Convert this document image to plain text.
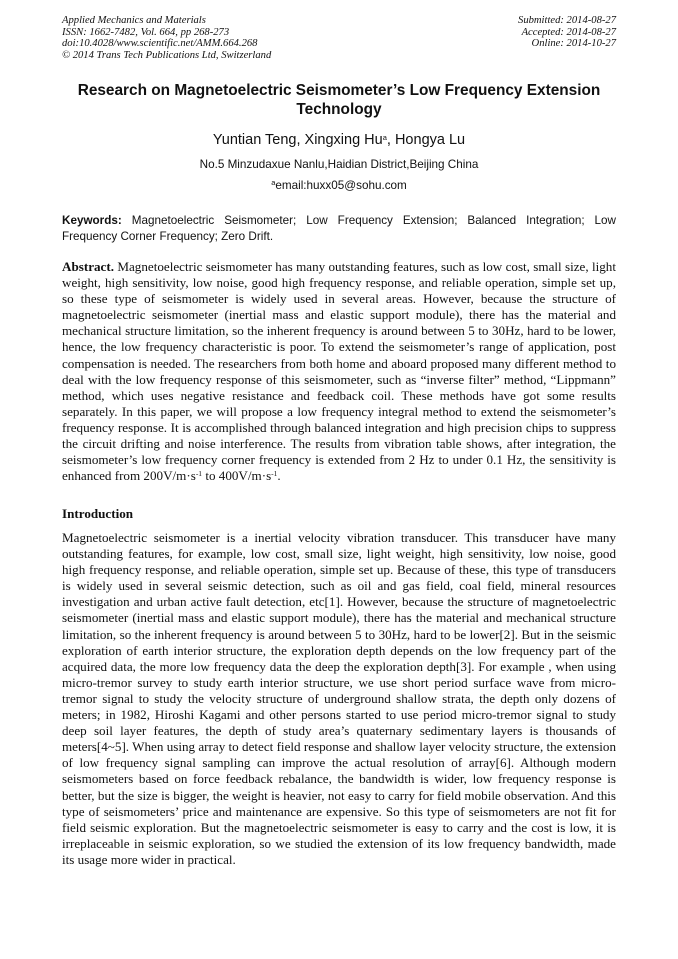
Applied Mechanics and Materials
ISSN: 1662-7482, Vol. 664, pp 268-273
doi:10.4028/www.scientific.net/AMM.664.268
© 2014 Trans Tech Publications Ltd, Switzerland
Submitted: 2014-08-27
Accepted: 2014-08-27
Online: 2014-10-27
Research on Magnetoelectric Seismometer’s Low Frequency Extension Technology
Yuntian Teng, Xingxing Hu$^a$, Hongya Lu
No.5 Minzudaxue Nanlu,Haidian District,Beijing China
$^a$email:huxx05@sohu.com
Keywords: Magnetoelectric Seismometer; Low Frequency Extension; Balanced Integration; Low Frequency Corner Frequency; Zero Drift.
Abstract. Magnetoelectric seismometer has many outstanding features, such as low cost, small size, light weight, high sensitivity, low noise, good high frequency response, and reliable operation, simple set up, so these type of seismometer is widely used in several areas. However, because the structure of magnetoelectric seismometer (inertial mass and elastic support module), there has the material and mechanical structure limitation, so the inherent frequency is around between 5 to 30Hz, hard to be lower, hence, the low frequency characteristic is poor. To extend the seismometer’s range of application, post compensation is needed. The researchers from both home and aboard proposed many different method to deal with the low frequency response of this seismometer, such as “inverse filter” method, “Lippmann” method, which uses negative resistance and feedback coil. These methods have got some results separately. In this paper, we will propose a low frequency integral method to extend the seismometer’s frequency response. It is accomplished through balanced integration and high precision chips to suppress the circuit drifting and noise interference. The results from vibration table shows, after integration, the seismometer’s low frequency corner frequency is extended from 2 Hz to under 0.1 Hz, the sensitivity is enhanced from $200V/m\cdot s^{-1}$ to $400V/m\cdot s^{-1}$.
Introduction
Magnetoelectric seismometer is a inertial velocity vibration transducer. This transducer have many outstanding features, for example, low cost, small size, light weight, high sensitivity, low noise, good high frequency response, and reliable operation, simple set up. Because of these, this type of transducers is widely used in several seismic detection, such as oil and gas field, coal field, mineral resources investigation and urban active fault detection, etc[1]. However, because the structure of magnetoelectric seismometer (inertial mass and elastic support module), there has the material and mechanical structure limitation, so the inherent frequency is around between 5 to 30Hz, hard to be lower[2]. But in the seismic exploration of earth interior structure, the exploration depth depends on the low frequency part of the acquired data, the more low frequency data the deep the exploration depth[3]. For example , when using micro-tremor survey to study earth interior structure, we use short period surface wave from micro-tremor signal to study the velocity structure of underground shallow strata, the depth only dozens of meters; in 1982, Hiroshi Kagami and other persons started to use period micro-tremor signal to study deep soil layer features, the depth of study area’s quaternary sedimentary layers is thousands of meters[4~5]. When using array to detect field response and shallow layer velocity structure, the extension of low frequency signal sampling can improve the actual resolution of array[6]. Although modern seismometers based on force feedback rebalance, the bandwidth is wider, low frequency response is better, but the size is bigger, the weight is heavier, not easy to carry for field mobile observation. And this type of seismometers’ price and maintenance are expensive. So this type of seismometers are not fit for field seismic exploration. But the magnetoelectric seismometer is easy to carry and the cost is low, it is irreplaceable in seismic exploration, so we studied the extension of its low frequency bandwidth, made its usage more wider in practical.
